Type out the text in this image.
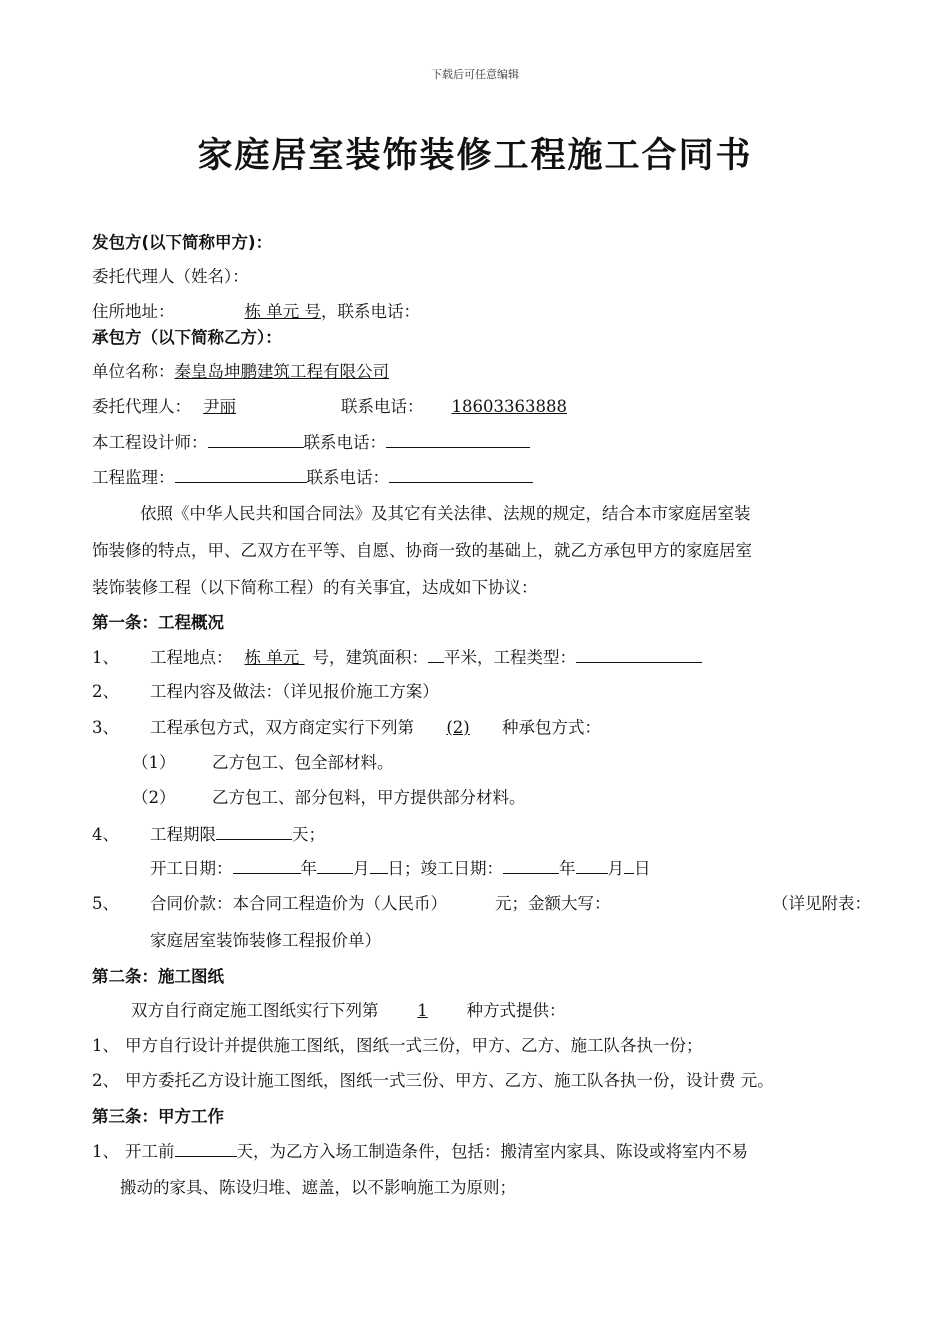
下载后可任意编辑
家庭居室装饰装修工程施工合同书
发包方(以下简称甲方)：
委托代理人（姓名）：
住所地址：	栋 单元 号，联系电话：
承包方（以下简称乙方）：
单位名称：秦皇岛坤鹏建筑工程有限公司
委托代理人： 尹丽	联系电话： 18603363888
本工程设计师：	联系电话：
工程监理：	联系电话：
依照《中华人民共和国合同法》及其它有关法律、法规的规定，结合本市家庭居室装
饰装修的特点，甲、乙双方在平等、自愿、协商一致的基础上，就乙方承包甲方的家庭居室
装饰装修工程（以下简称工程）的有关事宜，达成如下协议：
第一条：工程概况
1、 工程地点： 栋 单元 号，建筑面积： 平米，工程类型：
2、 工程内容及做法：（详见报价施工方案）
3、 工程承包方式，双方商定实行下列第 (2) 种承包方式：
（1） 乙方包工、包全部材料。
（2） 乙方包工、部分包料，甲方提供部分材料。
4、 工程期限	天；
开工日期：	年 月 日；竣工日期：	年 月 日
5、 合同价款：本合同工程造价为（人民币）	元；金额大写：	（详见附表：
家庭居室装饰装修工程报价单）
第二条：施工图纸
双方自行商定施工图纸实行下列第 1 种方式提供：
1、 甲方自行设计并提供施工图纸，图纸一式三份，甲方、乙方、施工队各执一份；
2、 甲方委托乙方设计施工图纸，图纸一式三份、甲方、乙方、施工队各执一份，设计费 元。
第三条：甲方工作
1、 开工前	天，为乙方入场工制造条件，包括：搬清室内家具、陈设或将室内不易
搬动的家具、陈设归堆、遮盖，以不影响施工为原则；
